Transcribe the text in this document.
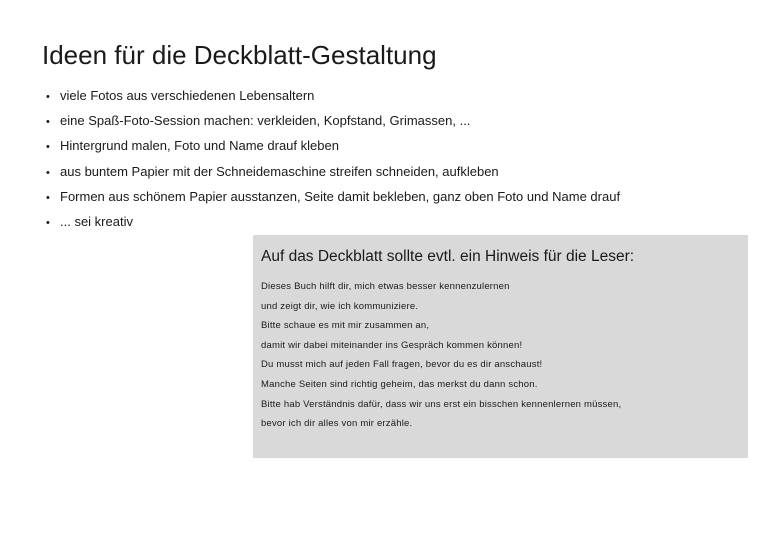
Ideen für die Deckblatt-Gestaltung
• viele Fotos aus verschiedenen Lebensaltern
• eine Spaß-Foto-Session machen: verkleiden, Kopfstand, Grimassen, ...
• Hintergrund malen, Foto und Name drauf kleben
• aus buntem Papier mit der Schneidemaschine streifen schneiden, aufkleben
• Formen aus schönem Papier ausstanzen, Seite damit bekleben, ganz oben Foto und Name drauf
• ... sei kreativ

Auf das Deckblatt sollte evtl. ein Hinweis für die Leser:

Dieses Buch hilft dir, mich etwas besser kennenzulernen
und zeigt dir, wie ich kommuniziere.
Bitte schaue es mit mir zusammen an,
damit wir dabei miteinander ins Gespräch kommen können!
Du musst mich auf jeden Fall fragen, bevor du es dir anschaust!
Manche Seiten sind richtig geheim, das merkst du dann schon.
Bitte hab Verständnis dafür, dass wir uns erst ein bisschen kennenlernen müssen,
bevor ich dir alles von mir erzähle.
